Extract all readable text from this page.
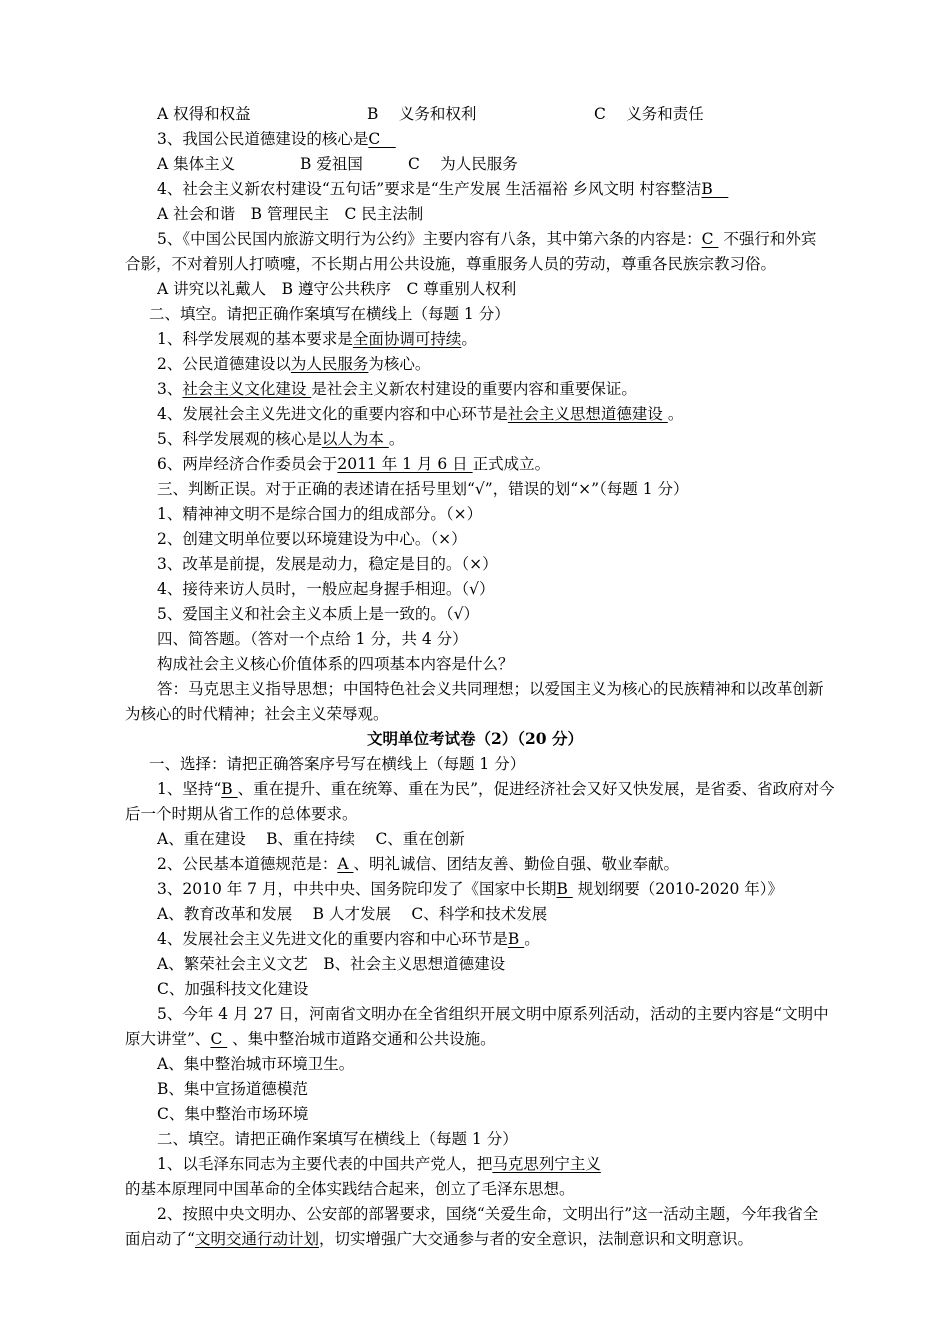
A 权得和权益	B　 义务和权利	C　 义务和责任
3、我国公民道德建设的核心是C　
A 集体主义	B 爱祖国	C　 为人民服务
4、社会主义新农村建设“五句话”要求是“生产发展 生活福裕 乡风文明 村容整洁B　
A 社会和谐　B 管理民主　C 民主法制
5、《中国公民国内旅游文明行为公约》主要内容有八条，其中第六条的内容是：C  不强行和外宾
合影，不对着别人打喷嚏，不长期占用公共设施，尊重服务人员的劳动，尊重各民族宗教习俗。
A 讲究以礼戴人　B 遵守公共秩序　C 尊重别人权利
二、填空。请把正确作案填写在横线上（每题 1 分）
1、科学发展观的基本要求是全面协调可持续。
2、公民道德建设以为人民服务为核心。
3、社会主义文化建设 是社会主义新农村建设的重要内容和重要保证。
4、发展社会主义先进文化的重要内容和中心环节是社会主义思想道德建设 。
5、科学发展观的核心是以人为本 。
6、两岸经济合作委员会于2011 年 1 月 6 日 正式成立。
三、判断正误。对于正确的表述请在括号里划“√”，错误的划“×”（每题 1 分）
1、精神神文明不是综合国力的组成部分。（×）
2、创建文明单位要以环境建设为中心。（×）
3、改革是前提，发展是动力，稳定是目的。（×）
4、接待来访人员时，一般应起身握手相迎。（√）
5、爱国主义和社会主义本质上是一致的。（√）
四、简答题。（答对一个点给 1 分，共 4 分）
构成社会主义核心价值体系的四项基本内容是什么？
答：马克思主义指导思想；中国特色社会义共同理想；以爱国主义为核心的民族精神和以改革创新
为核心的时代精神；社会主义荣辱观。
文明单位考试卷（2）（20 分）
一、选择：请把正确答案序号写在横线上（每题 1 分）
1、坚持“B 、重在提升、重在统筹、重在为民”，促进经济社会又好又快发展，是省委、省政府对今
后一个时期从省工作的总体要求。
A、重在建设　 B、重在持续　 C、重在创新
2、公民基本道德规范是：A 、明礼诚信、团结友善、勤俭自强、敬业奉献。
3、2010 年 7 月，中共中央、国务院印发了《国家中长期B  规划纲要（2010-2020 年）》
A、教育改革和发展　 B 人才发展　 C、科学和技术发展
4、发展社会主义先进文化的重要内容和中心环节是B 。
A、繁荣社会主义文艺　B、社会主义思想道德建设
C、加强科技文化建设
5、今年 4 月 27 日，河南省文明办在全省组织开展文明中原系列活动，活动的主要内容是“文明中
原大讲堂”、C  、集中整治城市道路交通和公共设施。
A、集中整治城市环境卫生。
B、集中宣扬道德模范
C、集中整治市场环境
二、填空。请把正确作案填写在横线上（每题 1 分）
1、以毛泽东同志为主要代表的中国共产党人，把马克思列宁主义
的基本原理同中国革命的全体实践结合起来，创立了毛泽东思想。
2、按照中央文明办、公安部的部署要求，国绕“关爱生命，文明出行”这一活动主题，今年我省全
面启动了“文明交通行动计划，切实增强广大交通参与者的安全意识，法制意识和文明意识。
